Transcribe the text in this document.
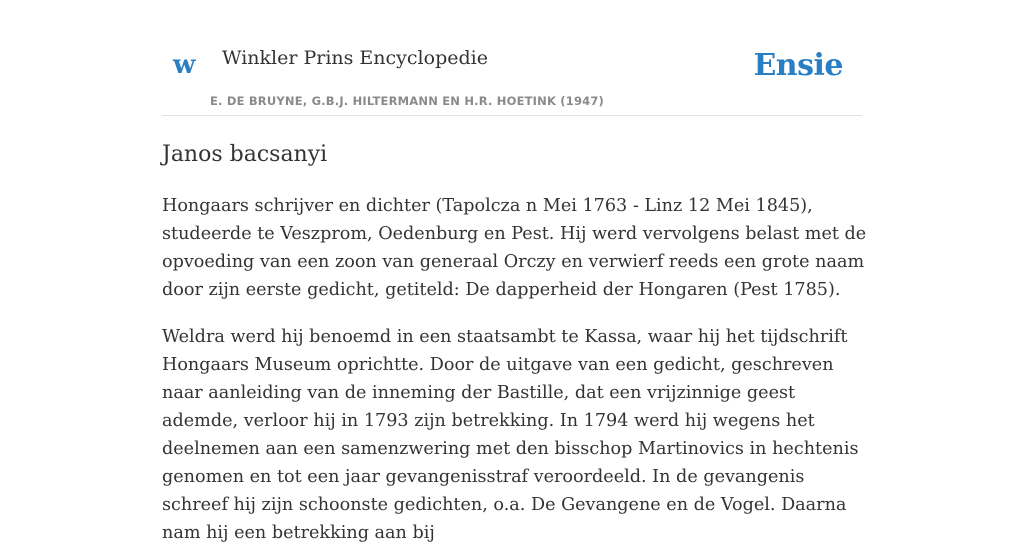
w Winkler Prins Encyclopedie
E. DE BRUYNE, G.B.J. HILTERMANN EN H.R. HOETINK (1947)
Ensie
Janos bacsanyi

Hongaars schrijver en dichter (Tapolcza n Mei 1763 - Linz 12 Mei 1845), studeerde te Veszprom, Oedenburg en Pest. Hij werd vervolgens belast met de opvoeding van een zoon van generaal Orczy en verwierf reeds een grote naam door zijn eerste gedicht, getiteld: De dapperheid der Hongaren (Pest 1785).

Weldra werd hij benoemd in een staatsambt te Kassa, waar hij het tijdschrift Hongaars Museum oprichtte. Door de uitgave van een gedicht, geschreven naar aanleiding van de inneming der Bastille, dat een vrijzinnige geest ademde, verloor hij in 1793 zijn betrekking. In 1794 werd hij wegens het deelnemen aan een samenzwering met den bisschop Martinovics in hechtenis genomen en tot een jaar gevangenisstraf veroordeeld. In de gevangenis schreef hij zijn schoonste gedichten, o.a. De Gevangene en de Vogel. Daarna nam hij een betrekking aan bij
